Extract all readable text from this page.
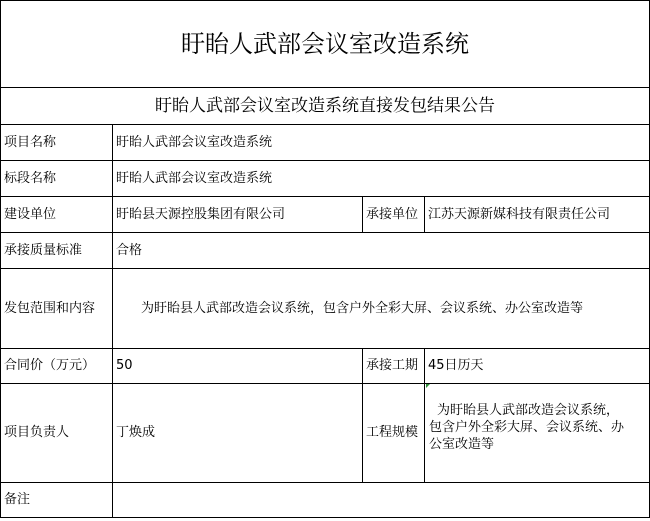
盱眙人武部会议室改造系统
盱眙人武部会议室改造系统直接发包结果公告
项目名称	盱眙人武部会议室改造系统
标段名称	盱眙人武部会议室改造系统
建设单位	盱眙县天源控股集团有限公司	承接单位 江苏天源新媒科技有限责任公司
承接质量标准	合格
发包范围和内容	为盱眙县人武部改造会议系统，包含户外全彩大屏、会议系统、办公室改造等
合同价（万元）	50	承接工期 45日历天
项目负责人	丁焕成	工程规模
为盱眙县人武部改造会议系统，
包含户外全彩大屏、会议系统、办
公室改造等
备注
